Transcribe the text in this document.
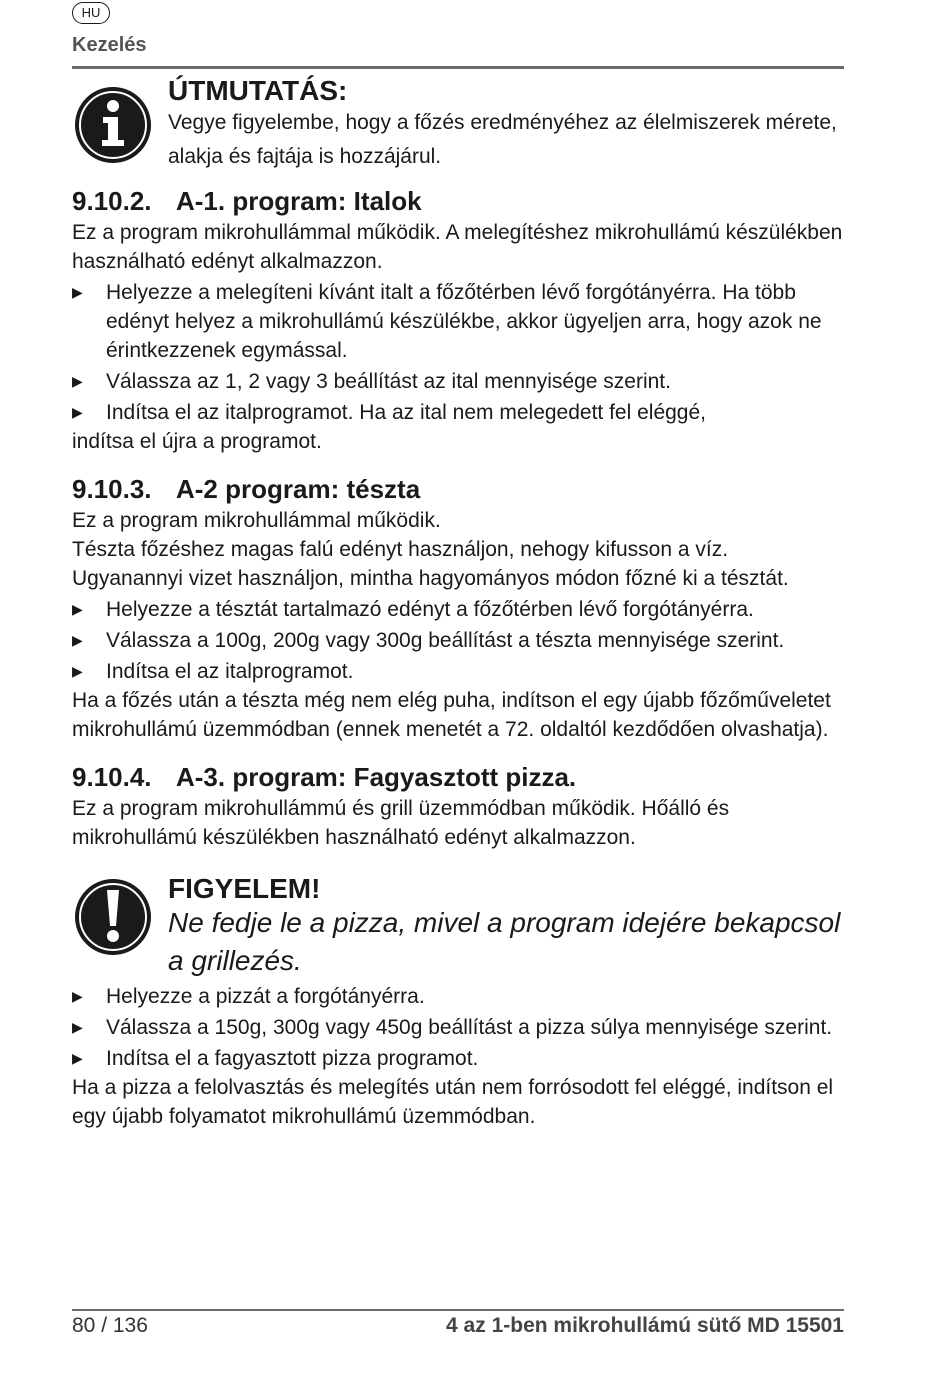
HU
Kezelés

ÚTMUTATÁS:

Vegye figyelembe, hogy a főzés eredményéhez az élelmiszerek mérete, alakja és fajtája is hozzájárul.

9.10.2. A-1. program: Italok

Ez a program mikrohullámmal működik. A melegítéshez mikrohullámú készülékben használható edényt alkalmazzon.

▶ Helyezze a melegíteni kívánt italt a főzőtérben lévő forgótányérra. Ha több edényt helyez a mikrohullámú készülékbe, akkor ügyeljen arra, hogy azok ne érintkezzenek egymással.
▶ Válassza az 1, 2 vagy 3 beállítást az ital mennyisége szerint.
▶ Indítsa el az italprogramot. Ha az ital nem melegedett fel eléggé,

indítsa el újra a programot.

9.10.3. A-2 program: tészta

Ez a program mikrohullámmal működik.

Tészta főzéshez magas falú edényt használjon, nehogy kifusson a víz. Ugyanannyi vizet használjon, mintha hagyományos módon főzné ki a tésztát.

▶ Helyezze a tésztát tartalmazó edényt a főzőtérben lévő forgótányérra.
▶ Válassza a 100g, 200g vagy 300g beállítást a tészta mennyisége szerint.
▶ Indítsa el az italprogramot.

Ha a főzés után a tészta még nem elég puha, indítson el egy újabb főzőműveletet mikrohullámú üzemmódban (ennek menetét a 72. oldaltól kezdődően olvashatja).

9.10.4. A-3. program: Fagyasztott pizza.

Ez a program mikrohullámmú és grill üzemmódban működik. Hőálló és mikrohullámú készülékben használható edényt alkalmazzon.

FIGYELEM!

Ne fedje le a pizza, mivel a program idejére bekapcsol a grillezés.

▶ Helyezze a pizzát a forgótányérra.
▶ Válassza a 150g, 300g vagy 450g beállítást a pizza súlya mennyisége szerint.
▶ Indítsa el a fagyasztott pizza programot.

Ha a pizza a felolvasztás és melegítés után nem forrósodott fel eléggé, indítson el egy újabb folyamatot mikrohullámú üzemmódban.

80 / 136	4 az 1-ben mikrohullámú sütő MD 15501
